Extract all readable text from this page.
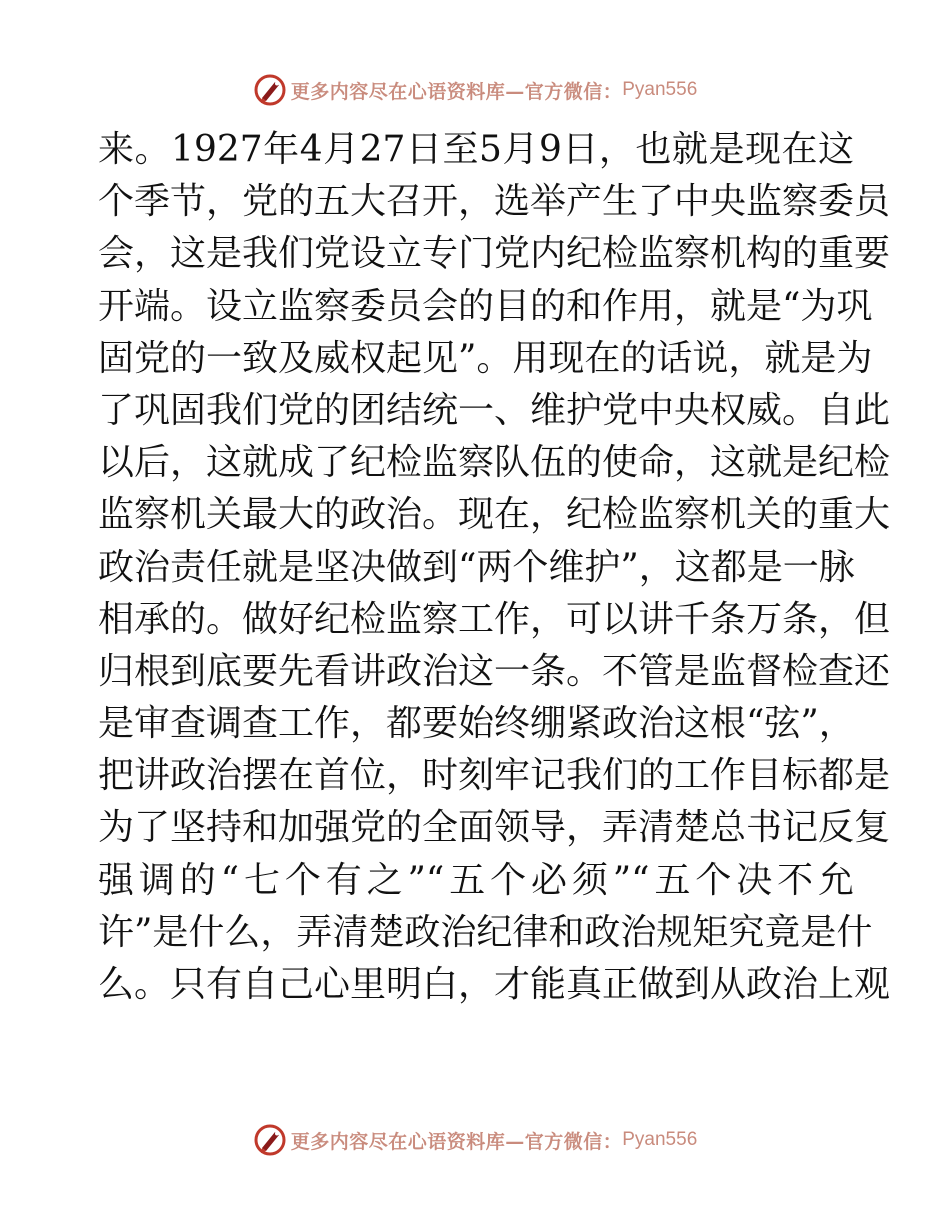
更多内容尽在心语资料库—官方微信： Pyan556
来。1927年4月27日至5月9日，也就是现在这
个季节，党的五大召开，选举产生了中央监察委员
会，这是我们党设立专门党内纪检监察机构的重要
开端。设立监察委员会的目的和作用，就是“为巩
固党的一致及威权起见”。用现在的话说，就是为
了巩固我们党的团结统一、维护党中央权威。自此
以后，这就成了纪检监察队伍的使命，这就是纪检
监察机关最大的政治。现在，纪检监察机关的重大
政治责任就是坚决做到“两个维护”，这都是一脉
相承的。做好纪检监察工作，可以讲千条万条，但
归根到底要先看讲政治这一条。不管是监督检查还
是审查调查工作，都要始终绷紧政治这根“弦”，
把讲政治摆在首位，时刻牢记我们的工作目标都是
为了坚持和加强党的全面领导，弄清楚总书记反复
强调的“七个有之”“五个必须”“五个决不允
许”是什么，弄清楚政治纪律和政治规矩究竟是什
么。只有自己心里明白，才能真正做到从政治上观
更多内容尽在心语资料库—官方微信： Pyan556
